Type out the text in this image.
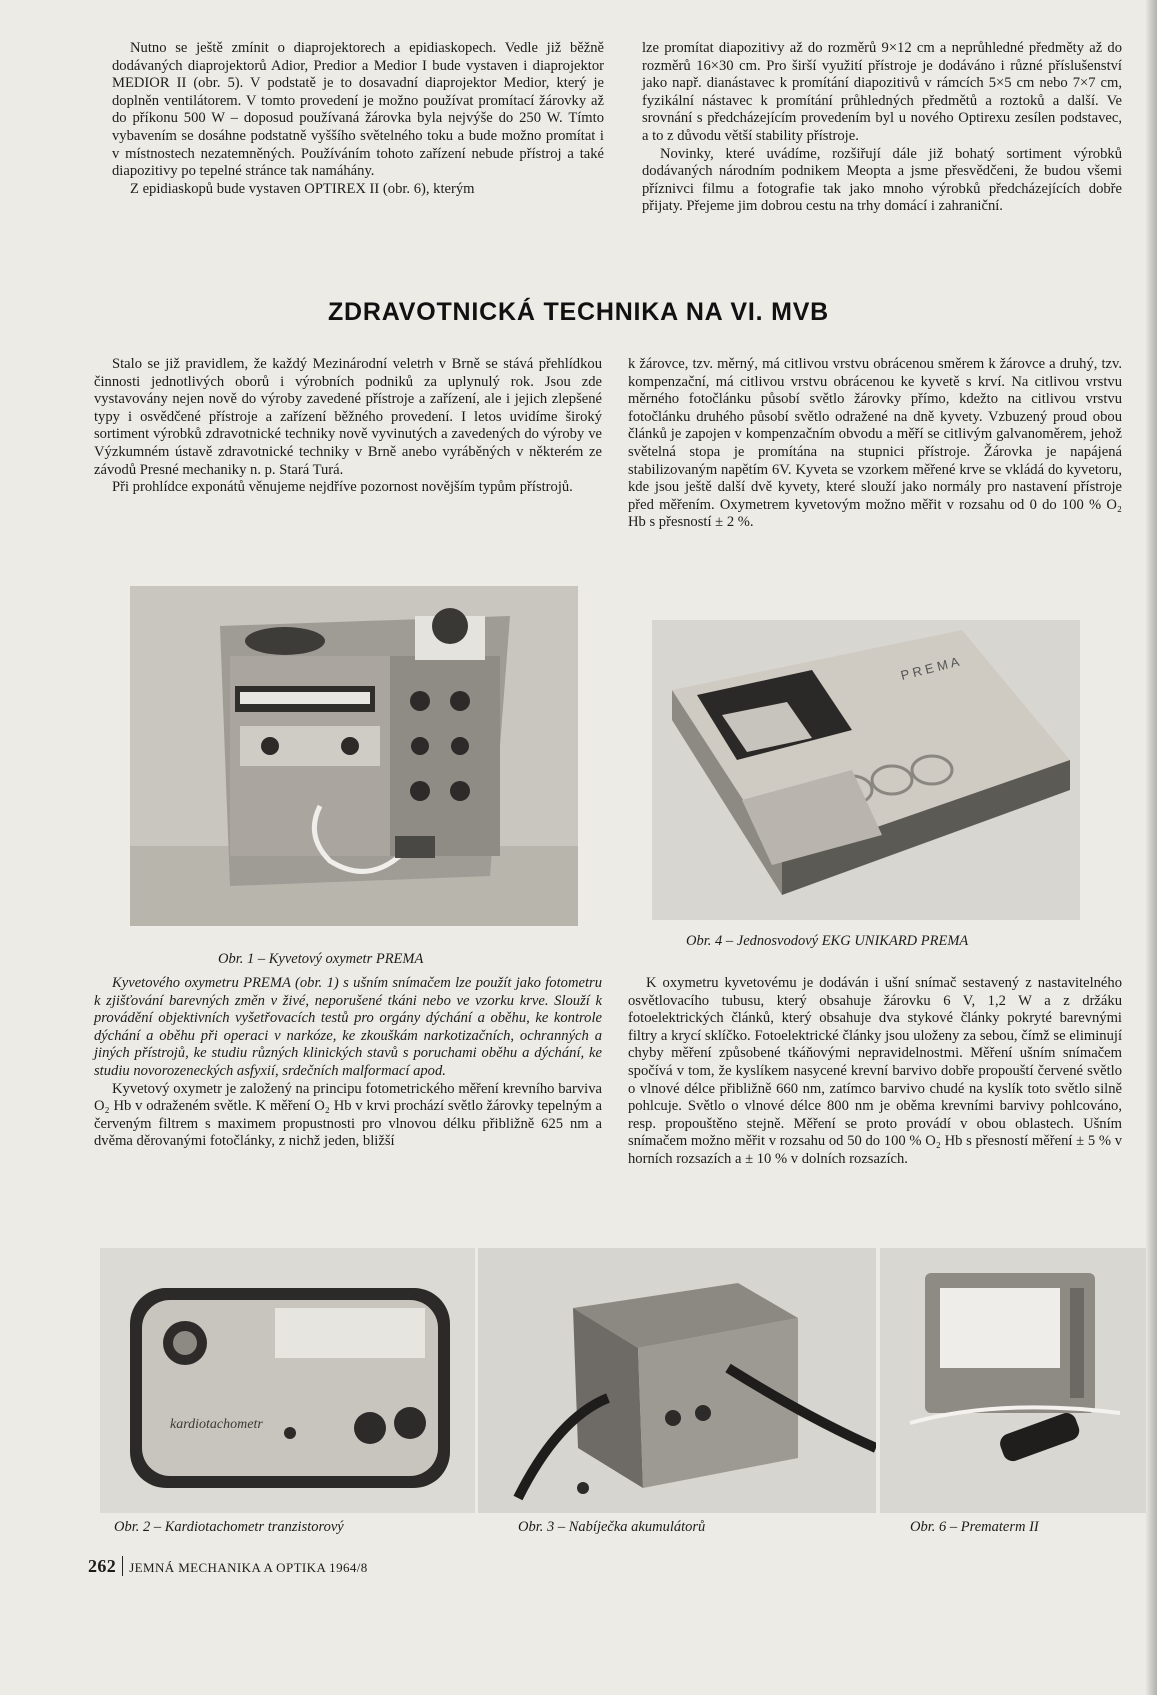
Nutno se ještě zmínit o diaprojektorech a epidiaskopech. Vedle již běžně dodávaných diaprojektorů Adior, Predior a Medior I bude vystaven i diaprojektor MEDIOR II (obr. 5). V podstatě je to dosavadní diaprojektor Medior, který je doplněn ventilátorem. V tomto provedení je možno používat promítací žárovky až do příkonu 500 W – doposud používaná žárovka byla nejvýše do 250 W. Tímto vybavením se dosáhne podstatně vyššího světelného toku a bude možno promítat i v místnostech nezatemněných. Používáním tohoto zařízení nebude přístroj a také diapozitivy po tepelné stránce tak namáhány.

Z epidiaskopů bude vystaven OPTIREX II (obr. 6), kterým

lze promítat diapozitivy až do rozměrů 9×12 cm a neprůhledné předměty až do rozměrů 16×30 cm. Pro širší využití přístroje je dodáváno i různé příslušenství jako např. dianástavec k promítání diapozitivů v rámcích 5×5 cm nebo 7×7 cm, fyzikální nástavec k promítání průhledných předmětů a roztoků a další. Ve srovnání s předcházejícím provedením byl u nového Optirexu zesílen podstavec, a to z důvodu větší stability přístroje.

Novinky, které uvádíme, rozšiřují dále již bohatý sortiment výrobků dodávaných národním podnikem Meopta a jsme přesvědčeni, že budou všemi příznivci filmu a fotografie tak jako mnoho výrobků předcházejících dobře přijaty. Přejeme jim dobrou cestu na trhy domácí i zahraniční.

ZDRAVOTNICKÁ TECHNIKA NA VI. MVB

Stalo se již pravidlem, že každý Mezinárodní veletrh v Brně se stává přehlídkou činnosti jednotlivých oborů i výrobních podniků za uplynulý rok. Jsou zde vystavovány nejen nově do výroby zavedené přístroje a zařízení, ale i jejich zlepšené typy i osvědčené přístroje a zařízení běžného provedení. I letos uvidíme široký sortiment výrobků zdravotnické techniky nově vyvinutých a zavedených do výroby ve Výzkumném ústavě zdravotnické techniky v Brně anebo vyráběných v některém ze závodů Presné mechaniky n. p. Stará Turá.

Při prohlídce exponátů věnujeme nejdříve pozornost novějším typům přístrojů.

k žárovce, tzv. měrný, má citlivou vrstvu obrácenou směrem k žárovce a druhý, tzv. kompenzační, má citlivou vrstvu obrácenou ke kyvetě s krví. Na citlivou vrstvu měrného fotočlánku působí světlo žárovky přímo, kdežto na citlivou vrstvu fotočlánku druhého působí světlo odražené na dně kyvety. Vzbuzený proud obou článků je zapojen v kompenzačním obvodu a měří se citlivým galvanoměrem, jehož světelná stopa je promítána na stupnici přístroje. Žárovka je napájená stabilizovaným napětím 6V. Kyveta se vzorkem měřené krve se vkládá do kyvetoru, kde jsou ještě další dvě kyvety, které slouží jako normály pro nastavení přístroje před měřením. Oxymetrem kyvetovým možno měřit v rozsahu od 0 do 100 % O₂ Hb s přesností ± 2 %.

Obr. 1 – Kyvetový oxymetr PREMA
P R E M A
Obr. 4 – Jednosvodový EKG UNIKARD PREMA

Kyvetového oxymetru PREMA (obr. 1) s ušním snímačem lze použít jako fotometru k zjišťování barevných změn v živé, neporušené tkáni nebo ve vzorku krve. Slouží k provádění objektivních vyšetřovacích testů pro orgány dýchání a oběhu, ke kontrole dýchání a oběhu při operaci v narkóze, ke zkouškám narkotizačních, ochranných a jiných přístrojů, ke studiu různých klinických stavů s poruchami oběhu a dýchání, ke studiu novorozeneckých asfyxií, srdečních malformací apod.

Kyvetový oxymetr je založený na principu fotometrického měření krevního barviva O₂ Hb v odraženém světle. K měření O₂ Hb v krvi prochází světlo žárovky tepelným a červeným filtrem s maximem propustnosti pro vlnovou délku přibližně 625 nm a dvěma děrovanými fotočlánky, z nichž jeden, bližší

K oxymetru kyvetovému je dodáván i ušní snímač sestavený z nastavitelného osvětlovacího tubusu, který obsahuje žárovku 6 V, 1,2 W a z držáku fotoelektrických článků, který obsahuje dva stykové články pokryté barevnými filtry a krycí sklíčko. Fotoelektrické články jsou uloženy za sebou, čímž se eliminují chyby měření způsobené tkáňovými nepravidelnostmi. Měření ušním snímačem spočívá v tom, že kyslíkem nasycené krevní barvivo dobře propouští červené světlo o vlnové délce přibližně 660 nm, zatímco barvivo chudé na kyslík toto světlo silně pohlcuje. Světlo o vlnové délce 800 nm je oběma krevními barvivy pohlcováno, resp. propouštěno stejně. Měření se proto provádí v obou oblastech. Ušním snímačem možno měřit v rozsahu od 50 do 100 % O₂ Hb s přesností měření ± 5 % v horních rozsazích a ± 10 % v dolních rozsazích.

kardiotachometr
Obr. 2 – Kardiotachometr tranzistorový	Obr. 3 – Nabíječka akumulátorů	Obr. 6 – Prematerm II
262 JEMNÁ MECHANIKA A OPTIKA 1964/8
